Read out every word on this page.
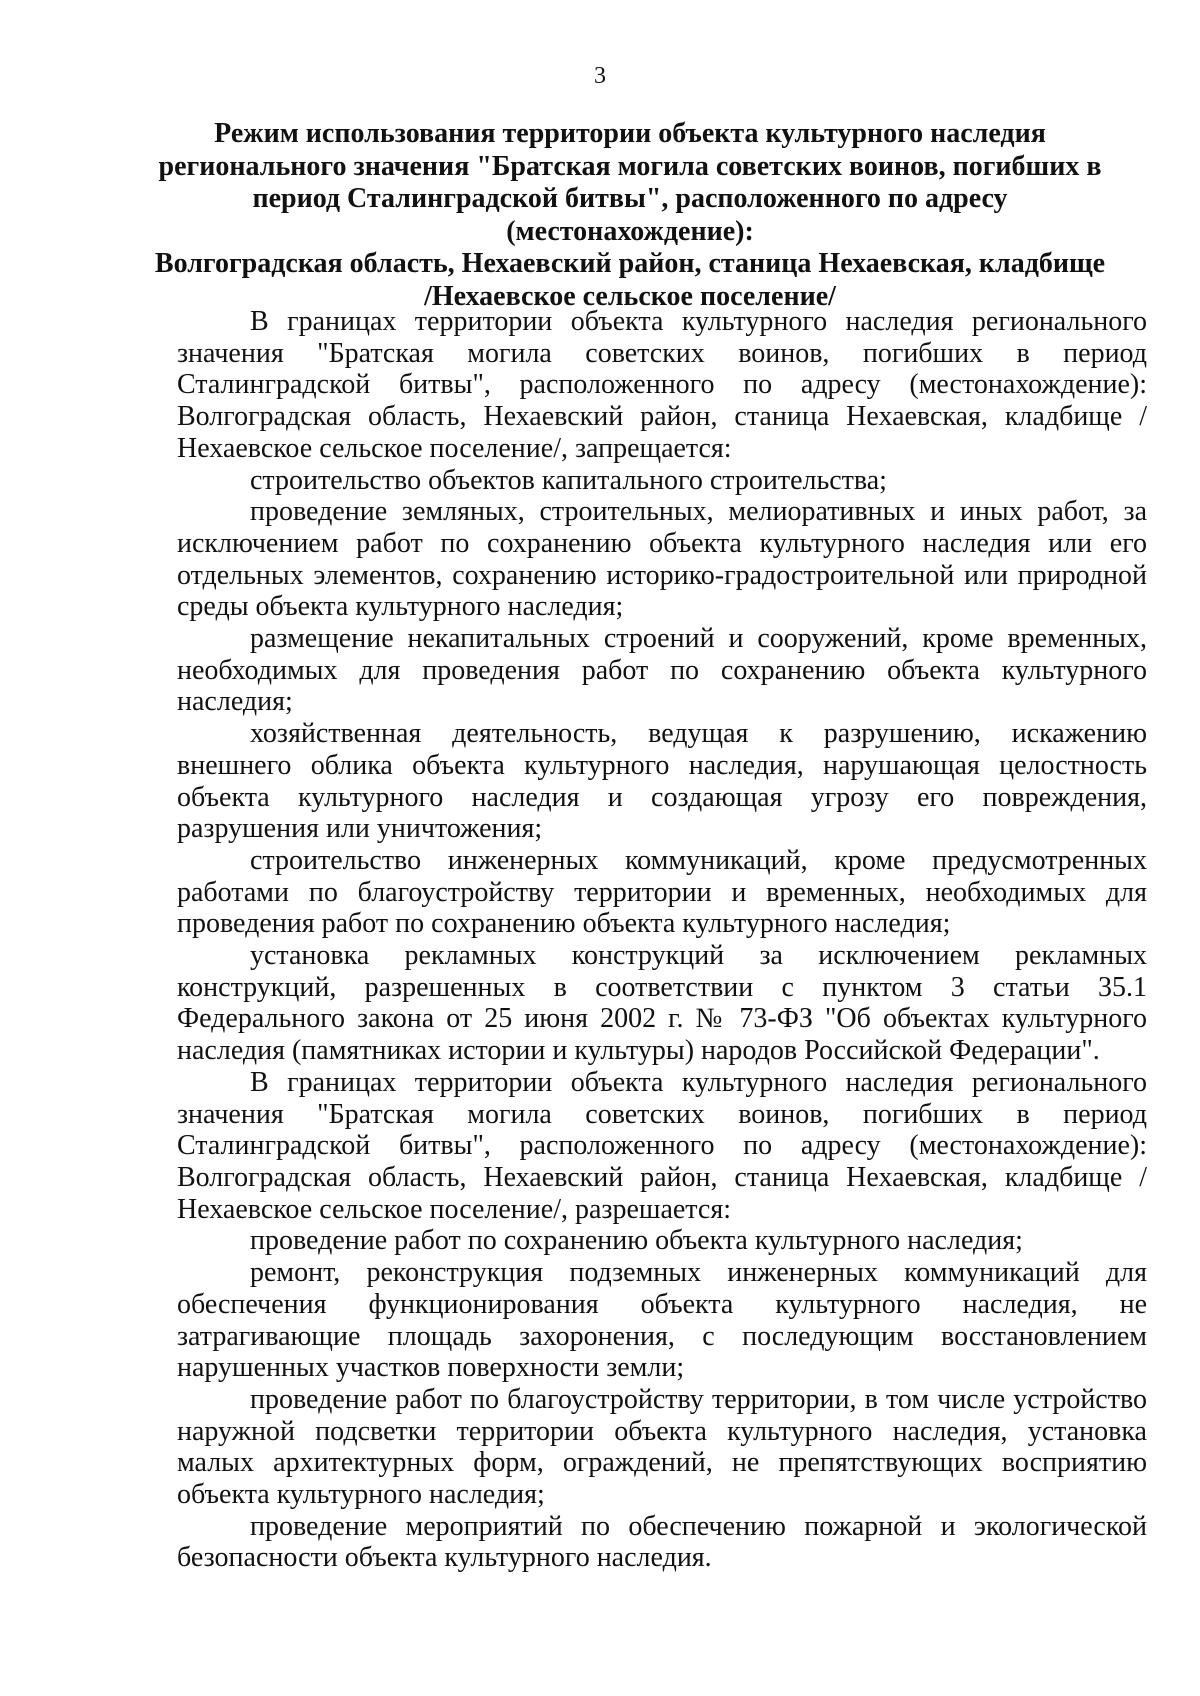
3
Режим использования территории объекта культурного наследия
регионального значения "Братская могила советских воинов, погибших в
период Сталинградской битвы", расположенного по адресу (местонахождение):
Волгоградская область, Нехаевский район, станица Нехаевская, кладбище
/Нехаевское сельское поселение/

В границах территории объекта культурного наследия регионального значения "Братская могила советских воинов, погибших в период Сталинградской битвы", расположенного по адресу (местонахождение): Волгоградская область, Нехаевский район, станица Нехаевская, кладбище /Нехаевское сельское поселение/, запрещается:

строительство объектов капитального строительства;

проведение земляных, строительных, мелиоративных и иных работ, за исключением работ по сохранению объекта культурного наследия или его отдельных элементов, сохранению историко-градостроительной или природной среды объекта культурного наследия;

размещение некапитальных строений и сооружений, кроме временных, необходимых для проведения работ по сохранению объекта культурного наследия;

хозяйственная деятельность, ведущая к разрушению, искажению внешнего облика объекта культурного наследия, нарушающая целостность объекта культурного наследия и создающая угрозу его повреждения, разрушения или уничтожения;

строительство инженерных коммуникаций, кроме предусмотренных работами по благоустройству территории и временных, необходимых для проведения работ по сохранению объекта культурного наследия;

установка рекламных конструкций за исключением рекламных конструкций, разрешенных в соответствии с пунктом 3 статьи 35.1 Федерального закона от 25 июня 2002 г. № 73-ФЗ "Об объектах культурного наследия (памятниках истории и культуры) народов Российской Федерации".

В границах территории объекта культурного наследия регионального значения "Братская могила советских воинов, погибших в период Сталинградской битвы", расположенного по адресу (местонахождение): Волгоградская область, Нехаевский район, станица Нехаевская, кладбище /Нехаевское сельское поселение/, разрешается:

проведение работ по сохранению объекта культурного наследия;

ремонт, реконструкция подземных инженерных коммуникаций для обеспечения функционирования объекта культурного наследия, не затрагивающие площадь захоронения, с последующим восстановлением нарушенных участков поверхности земли;

проведение работ по благоустройству территории, в том числе устройство наружной подсветки территории объекта культурного наследия, установка малых архитектурных форм, ограждений, не препятствующих восприятию объекта культурного наследия;

проведение мероприятий по обеспечению пожарной и экологической безопасности объекта культурного наследия.
